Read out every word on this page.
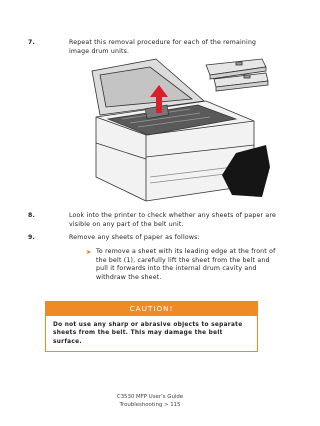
7.	Repeat this removal procedure for each of the remaining image drum units.
8.	Look into the printer to check whether any sheets of paper are visible on any part of the belt unit.
9.	Remove any sheets of paper as follows:
➤ To remove a sheet with its leading edge at the front of
the belt (1), carefully lift the sheet from the belt and
pull it forwards into the internal drum cavity and
withdraw the sheet.
CAUTION!
Do not use any sharp or abrasive objects to separate sheets from the belt. This may damage the belt surface.
C3530 MFP User’s Guide
Troubleshooting > 115
